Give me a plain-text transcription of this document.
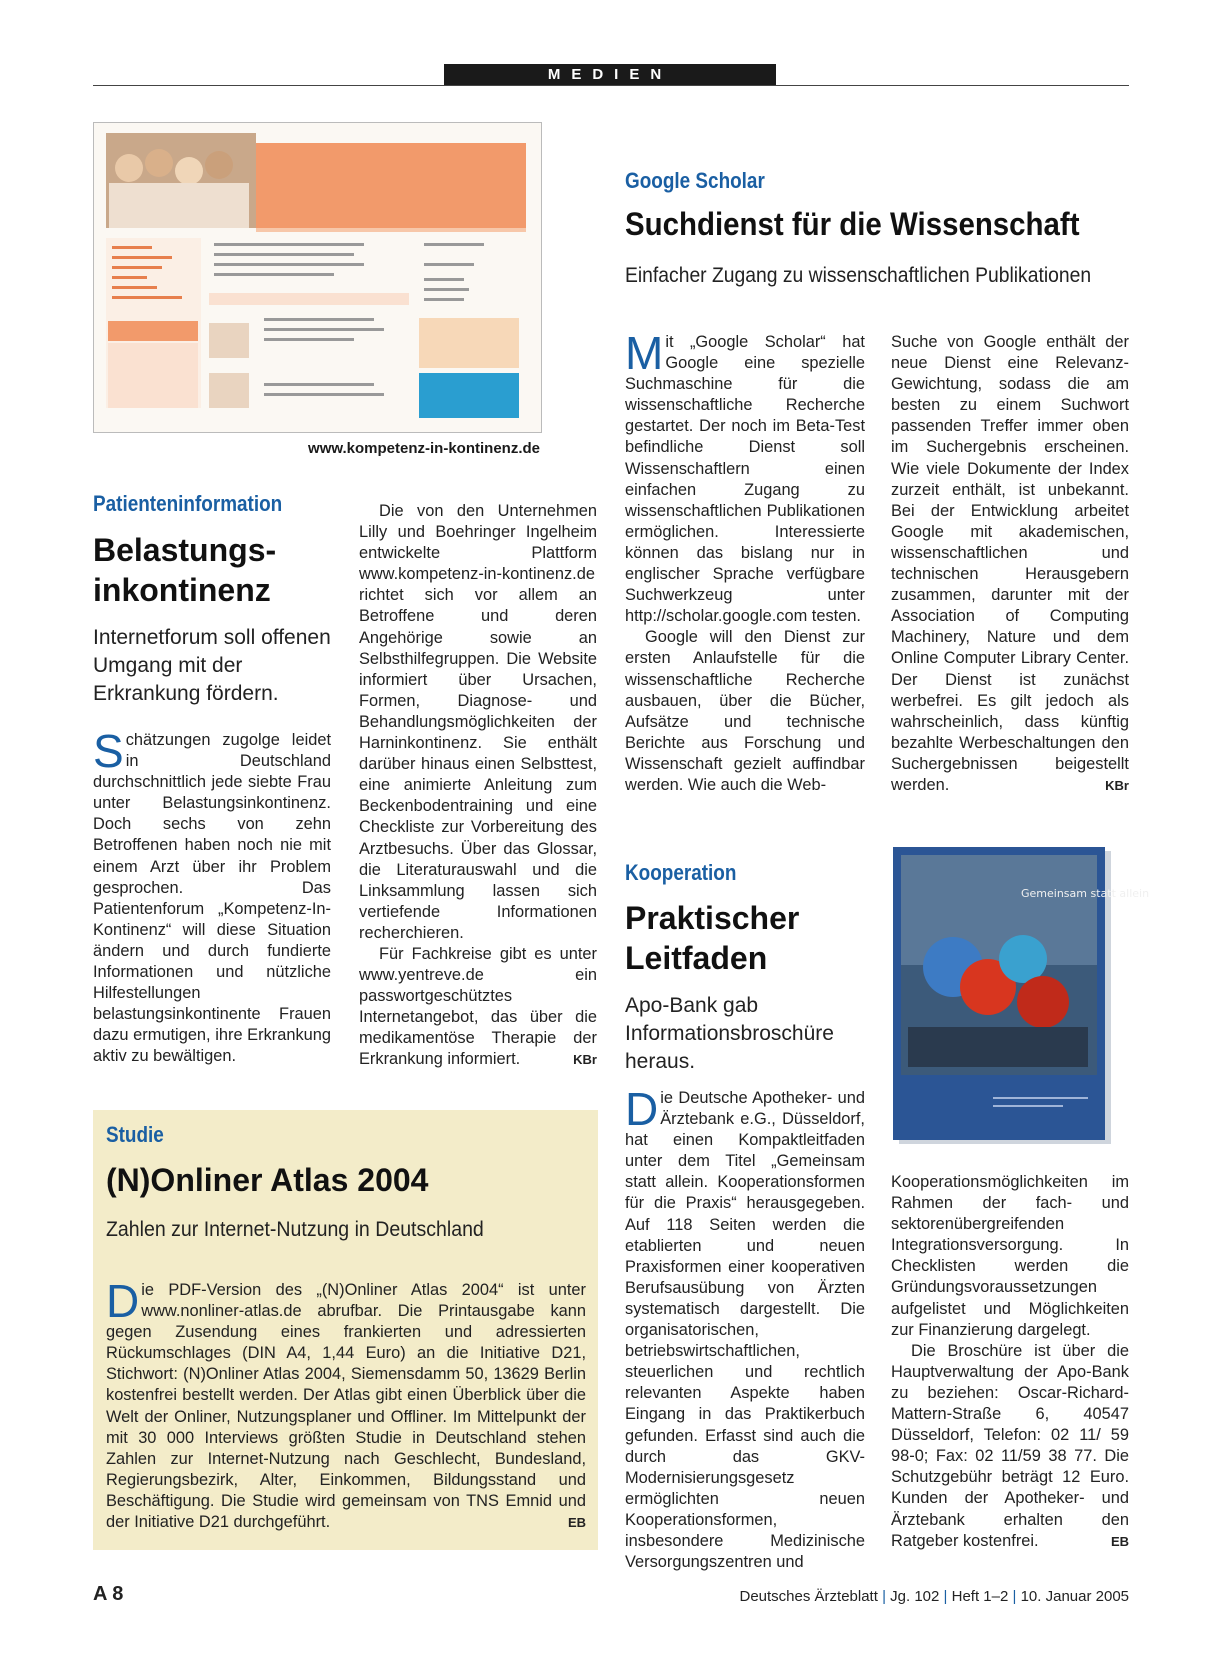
MEDIEN
www.kompetenz-in-kontinenz.de
Patienteninformation
Belastungs-
inkontinenz
Internetforum soll offenen Umgang mit der Erkrankung fördern.

Schätzungen zugolge leidet in Deutschland durchschnittlich jede siebte Frau unter Belastungsinkontinenz. Doch sechs von zehn Betroffenen haben noch nie mit einem Arzt über ihr Problem gesprochen. Das Patientenforum „Kompetenz-In-Kontinenz“ will diese Situation ändern und durch fundierte Informationen und nützliche Hilfestellungen belastungsinkontinente Frauen dazu ermutigen, ihre Erkrankung aktiv zu bewältigen.

Die von den Unternehmen Lilly und Boehringer Ingelheim entwickelte Plattform www.kompetenz-in-kontinenz.de richtet sich vor allem an Betroffene und deren Angehörige sowie an Selbsthilfegruppen. Die Website informiert über Ursachen, Formen, Diagnose- und Behandlungsmöglichkeiten der Harninkontinenz. Sie enthält darüber hinaus einen Selbsttest, eine animierte Anleitung zum Beckenbodentraining und eine Checkliste zur Vorbereitung des Arztbesuchs. Über das Glossar, die Literaturauswahl und die Linksammlung lassen sich vertiefende Informationen recherchieren.

Für Fachkreise gibt es unter www.yentreve.de ein passwortgeschütztes Internetangebot, das über die medikamentöse Therapie der Erkrankung informiert.	KBr

Google Scholar
Suchdienst für die Wissenschaft
Einfacher Zugang zu wissenschaftlichen Publikationen

Mit „Google Scholar“ hat Google eine spezielle Suchmaschine für die wissenschaftliche Recherche gestartet. Der noch im Beta-Test befindliche Dienst soll Wissenschaftlern einen einfachen Zugang zu wissenschaftlichen Publikationen ermöglichen. Interessierte können das bislang nur in englischer Sprache verfügbare Suchwerkzeug unter http://scholar.google.com testen.

Google will den Dienst zur ersten Anlaufstelle für die wissenschaftliche Recherche ausbauen, über die Bücher, Aufsätze und technische Berichte aus Forschung und Wissenschaft gezielt auffindbar werden. Wie auch die Web-

Suche von Google enthält der neue Dienst eine Relevanz-Gewichtung, sodass die am besten zu einem Suchwort passenden Treffer immer oben im Suchergebnis erscheinen. Wie viele Dokumente der Index zurzeit enthält, ist unbekannt. Bei der Entwicklung arbeitet Google mit akademischen, wissenschaftlichen und technischen Herausgebern zusammen, darunter mit der Association of Computing Machinery, Nature und dem Online Computer Library Center. Der Dienst ist zunächst werbefrei. Es gilt jedoch als wahrscheinlich, dass künftig bezahlte Werbeschaltungen den Suchergebnissen beigestellt werden.	KBr

Kooperation
Praktischer
Leitfaden
Apo-Bank gab Informationsbroschüre heraus.
Gemeinsam statt allein

Die Deutsche Apotheker- und Ärztebank e.G., Düsseldorf, hat einen Kompaktleitfaden unter dem Titel „Gemeinsam statt allein. Kooperationsformen für die Praxis“ herausgegeben. Auf 118 Seiten werden die etablierten und neuen Praxisformen einer kooperativen Berufsausübung von Ärzten systematisch dargestellt. Die organisatorischen, betriebswirtschaftlichen, steuerlichen und rechtlich relevanten Aspekte haben Eingang in das Praktikerbuch gefunden. Erfasst sind auch die durch das GKV-Modernisierungsgesetz ermöglichten neuen Kooperationsformen, insbesondere Medizinische Versorgungszentren und

Kooperationsmöglichkeiten im Rahmen der fach- und sektorenübergreifenden Integrationsversorgung. In Checklisten werden die Gründungsvoraussetzungen aufgelistet und Möglichkeiten zur Finanzierung dargelegt.

Die Broschüre ist über die Hauptverwaltung der Apo-Bank zu beziehen: Oscar-Richard-Mattern-Straße 6, 40547 Düsseldorf, Telefon: 02 11/ 59 98-0; Fax: 02 11/59 38 77. Die Schutzgebühr beträgt 12 Euro. Kunden der Apotheker- und Ärztebank erhalten den Ratgeber kostenfrei.	EB

Studie
(N)Onliner Atlas 2004
Zahlen zur Internet-Nutzung in Deutschland

Die PDF-Version des „(N)Onliner Atlas 2004“ ist unter www.nonliner-atlas.de abrufbar. Die Printausgabe kann gegen Zusendung eines frankierten und adressierten Rückumschlages (DIN A4, 1,44 Euro) an die Initiative D21, Stichwort: (N)Onliner Atlas 2004, Siemensdamm 50, 13629 Berlin kostenfrei bestellt werden. Der Atlas gibt einen Überblick über die Welt der Onliner, Nutzungsplaner und Offliner. Im Mittelpunkt der mit 30 000 Interviews größten Studie in Deutschland stehen Zahlen zur Internet-Nutzung nach Geschlecht, Bundesland, Regierungsbezirk, Alter, Einkommen, Bildungsstand und Beschäftigung. Die Studie wird gemeinsam von TNS Emnid und der Initiative D21 durchgeführt.	EB

A 8	Deutsches Ärzteblatt | Jg. 102 | Heft 1–2 | 10. Januar 2005
